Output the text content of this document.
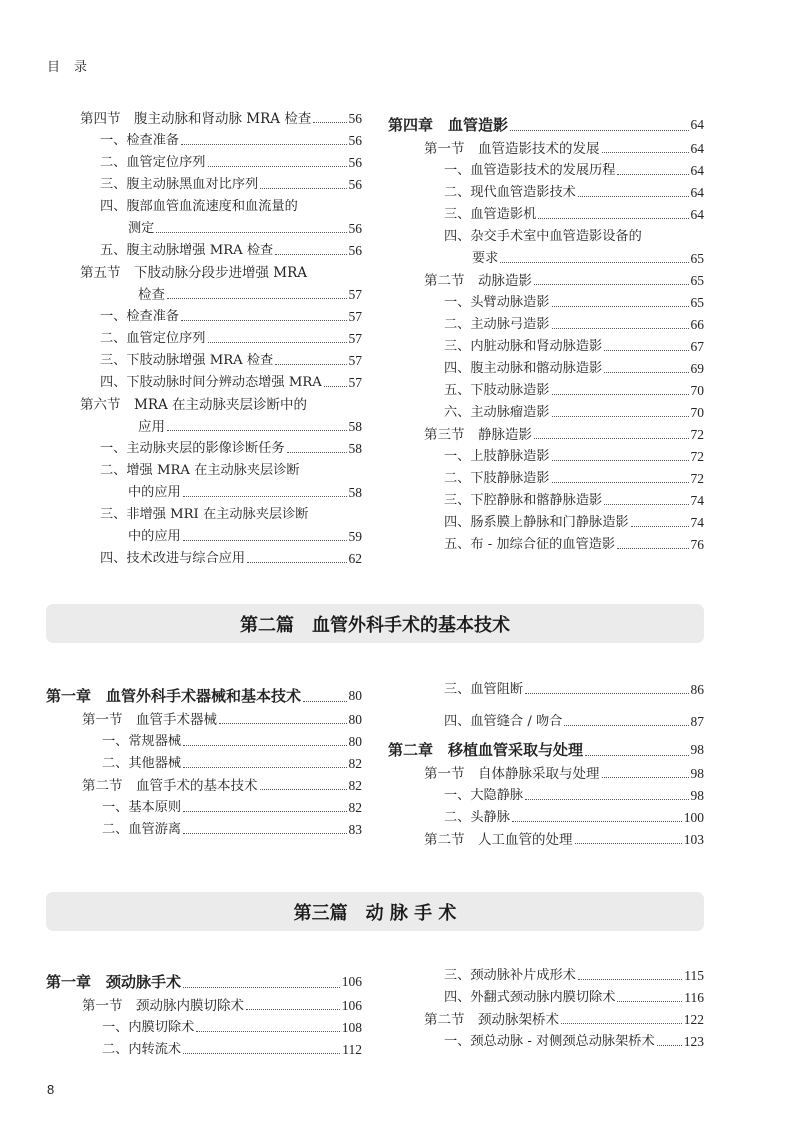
目录
第四节　腹主动脉和肾动脉 MRA 检查	56
一、检查准备	56
二、血管定位序列	56
三、腹主动脉黑血对比序列	56
四、腹部血管血流速度和血流量的
测定	56
五、腹主动脉增强 MRA 检查	56
第五节　下肢动脉分段步进增强 MRA
检查	57
一、检查准备	57
二、血管定位序列	57
三、下肢动脉增强 MRA 检查	57
四、下肢动脉时间分辨动态增强 MRA 57
第六节　MRA 在主动脉夹层诊断中的
应用	58
一、主动脉夹层的影像诊断任务	58
二、增强 MRA 在主动脉夹层诊断
中的应用	58
三、非增强 MRI 在主动脉夹层诊断
中的应用	59
四、技术改进与综合应用	62
第四章　血管造影	64
第一节　血管造影技术的发展	64
一、血管造影技术的发展历程	64
二、现代血管造影技术	64
三、血管造影机	64
四、杂交手术室中血管造影设备的
要求	65
第二节　动脉造影	65
一、头臂动脉造影	65
二、主动脉弓造影	66
三、内脏动脉和肾动脉造影	67
四、腹主动脉和髂动脉造影	69
五、下肢动脉造影	70
六、主动脉瘤造影	70
第三节　静脉造影	72
一、上肢静脉造影	72
二、下肢静脉造影	72
三、下腔静脉和髂静脉造影	74
四、肠系膜上静脉和门静脉造影	74
五、布 - 加综合征的血管造影	76
第二篇　血管外科手术的基本技术
第一章　血管外科手术器械和基本技术	80
第一节　血管手术器械	80
一、常规器械	80
二、其他器械	82
第二节　血管手术的基本技术	82
一、基本原则	82
二、血管游离	83
三、血管阻断	86
四、血管缝合 / 吻合	87
第二章　移植血管采取与处理	98
第一节　自体静脉采取与处理	98
一、大隐静脉	98
二、头静脉	100
第二节　人工血管的处理	103
第三篇　动 脉 手 术
第一章　颈动脉手术	106
第一节　颈动脉内膜切除术	106
一、内膜切除术	108
二、内转流术	112
三、颈动脉补片成形术	115
四、外翻式颈动脉内膜切除术	116
第二节　颈动脉架桥术	122
一、颈总动脉 - 对侧颈总动脉架桥术 123
8
